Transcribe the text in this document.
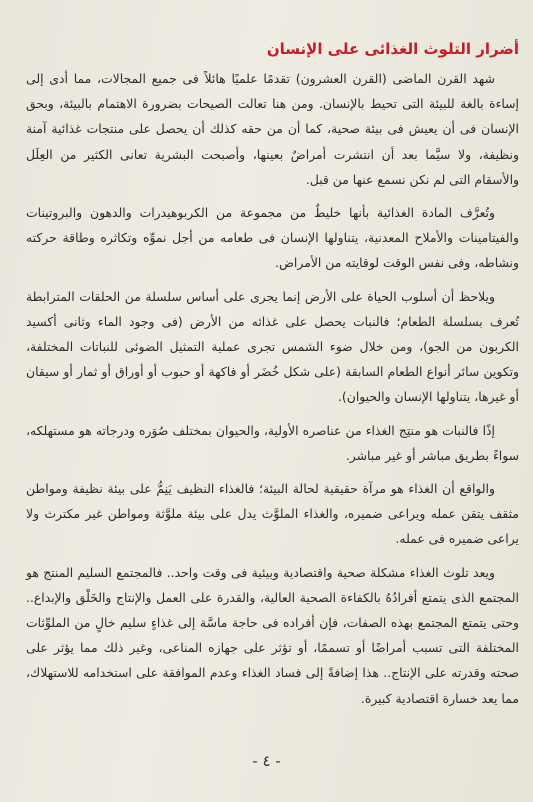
أضرار التلوث الغذائى على الإنسان

شهد القرن الماضى (القرن العشرون) تقدمًا علميًا هائلاً فى جميع المجالات، مما أدى إلى إساءة بالغة للبيئة التى تحيط بالإنسان. ومن هنا تعالت الصيحات بضرورة الاهتمام بالبيئة، وبحق الإنسان فى أن يعيش فى بيئة صحية، كما أن من حقه كذلك أن يحصل على منتجات غذائية آمنة ونظيفة، ولا سيَّما بعد أن انتشرت أمراضٌ بعينها، وأصبحت البشرية تعانى الكثير من العِلَل والأسقام التى لم نكن نسمع عنها من قبل.

وتُعرَّف المادة الغذائية بأنها خليطٌ من مجموعة من الكربوهيدرات والدهون والبروتينات والفيتامينات والأملاح المعدنية، يتناولها الإنسان فى طعامه من أجل نموِّه وتكاثره وطاقة حركته ونشاطه، وفى نفس الوقت لوقايته من الأمراض.

ويلاحظ أن أسلوب الحياة على الأرض إنما يجرى على أساس سلسلة من الحلقات المترابطة تُعرف بسلسلة الطعام؛ فالنبات يحصل على غذائه من الأرض (فى وجود الماء وثانى أكسيد الكربون من الجو)، ومن خلال ضوء الشمس تجرى عملية التمثيل الضوئى للنباتات المختلفة، وتكوين سائر أنواع الطعام السابقة (على شكل خُضَر أو فاكهة أو حبوب أو أوراق أو ثمار أو سيقان أو غيرها، يتناولها الإنسان والحيوان).

إذًا فالنبات هو منتِج الغذاء من عناصره الأولية، والحيوان بمختلف صُوَره ودرجاته هو مستهلكه، سواءً بطريق مباشر أو غير مباشر.

والواقع أن الغذاء هو مرآة حقيقية لحالة البيئة؛ فالغذاء النظيف يَنِمُّ على بيئة نظيفة ومواطن مثقف يتقن عمله ويراعى ضميره، والغذاء الملوَّث يدل على بيئة ملوَّثة ومواطن غير مكترث ولا يراعى ضميره فى عمله.

ويعد تلوث الغذاء مشكلة صحية واقتصادية وبيئية فى وقت واحد.. فالمجتمع السليم المنتج هو المجتمع الذى يتمتع أفرادُهُ بالكفاءة الصحية العالية، والقدرة على العمل والإنتاج والخَلْق والإبداع.. وحتى يتمتع المجتمع بهذه الصفات، فإن أفراده فى حاجة ماسَّة إلى غذاءٍ سليم خالٍ من الملوِّثات المختلفة التى تسبب أمراضًا أو تسممًا، أو تؤثر على جهازه المناعى، وغير ذلك مما يؤثر على صحته وقدرته على الإنتاج.. هذا إضافةً إلى فساد الغذاء وعدم الموافقة على استخدامه للاستهلاك، مما يعد خسارة اقتصادية كبيرة.

- ٤ -
